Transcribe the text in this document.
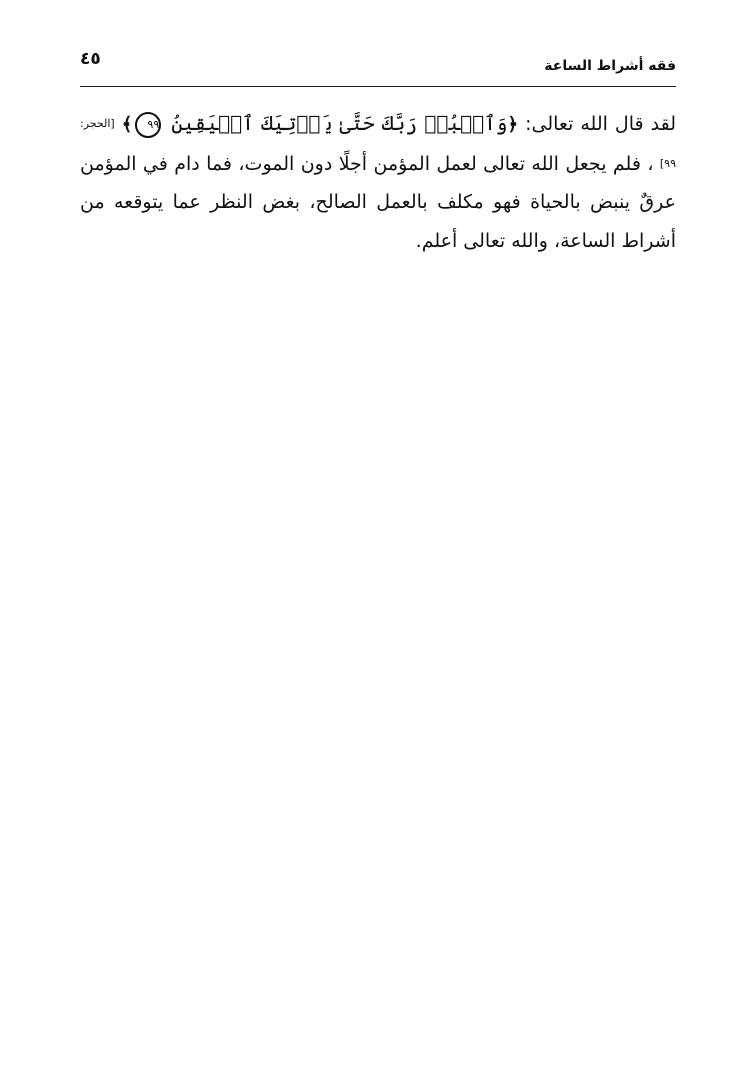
فقه أشراط الساعة
٤٥

لقد قال الله تعالى: ﴿وَٱعۡبُدۡ رَبَّكَ حَتَّىٰ يَأۡتِيَكَ ٱلۡيَقِينُ ٩٩﴾ [الحجر: ٩٩] ، فلم يجعل الله تعالى لعمل المؤمن أجلًا دون الموت، فما دام في المؤمن عرقٌ ينبض بالحياة فهو مكلف بالعمل الصالح، بغض النظر عما يتوقعه من أشراط الساعة، والله تعالى أعلم.
